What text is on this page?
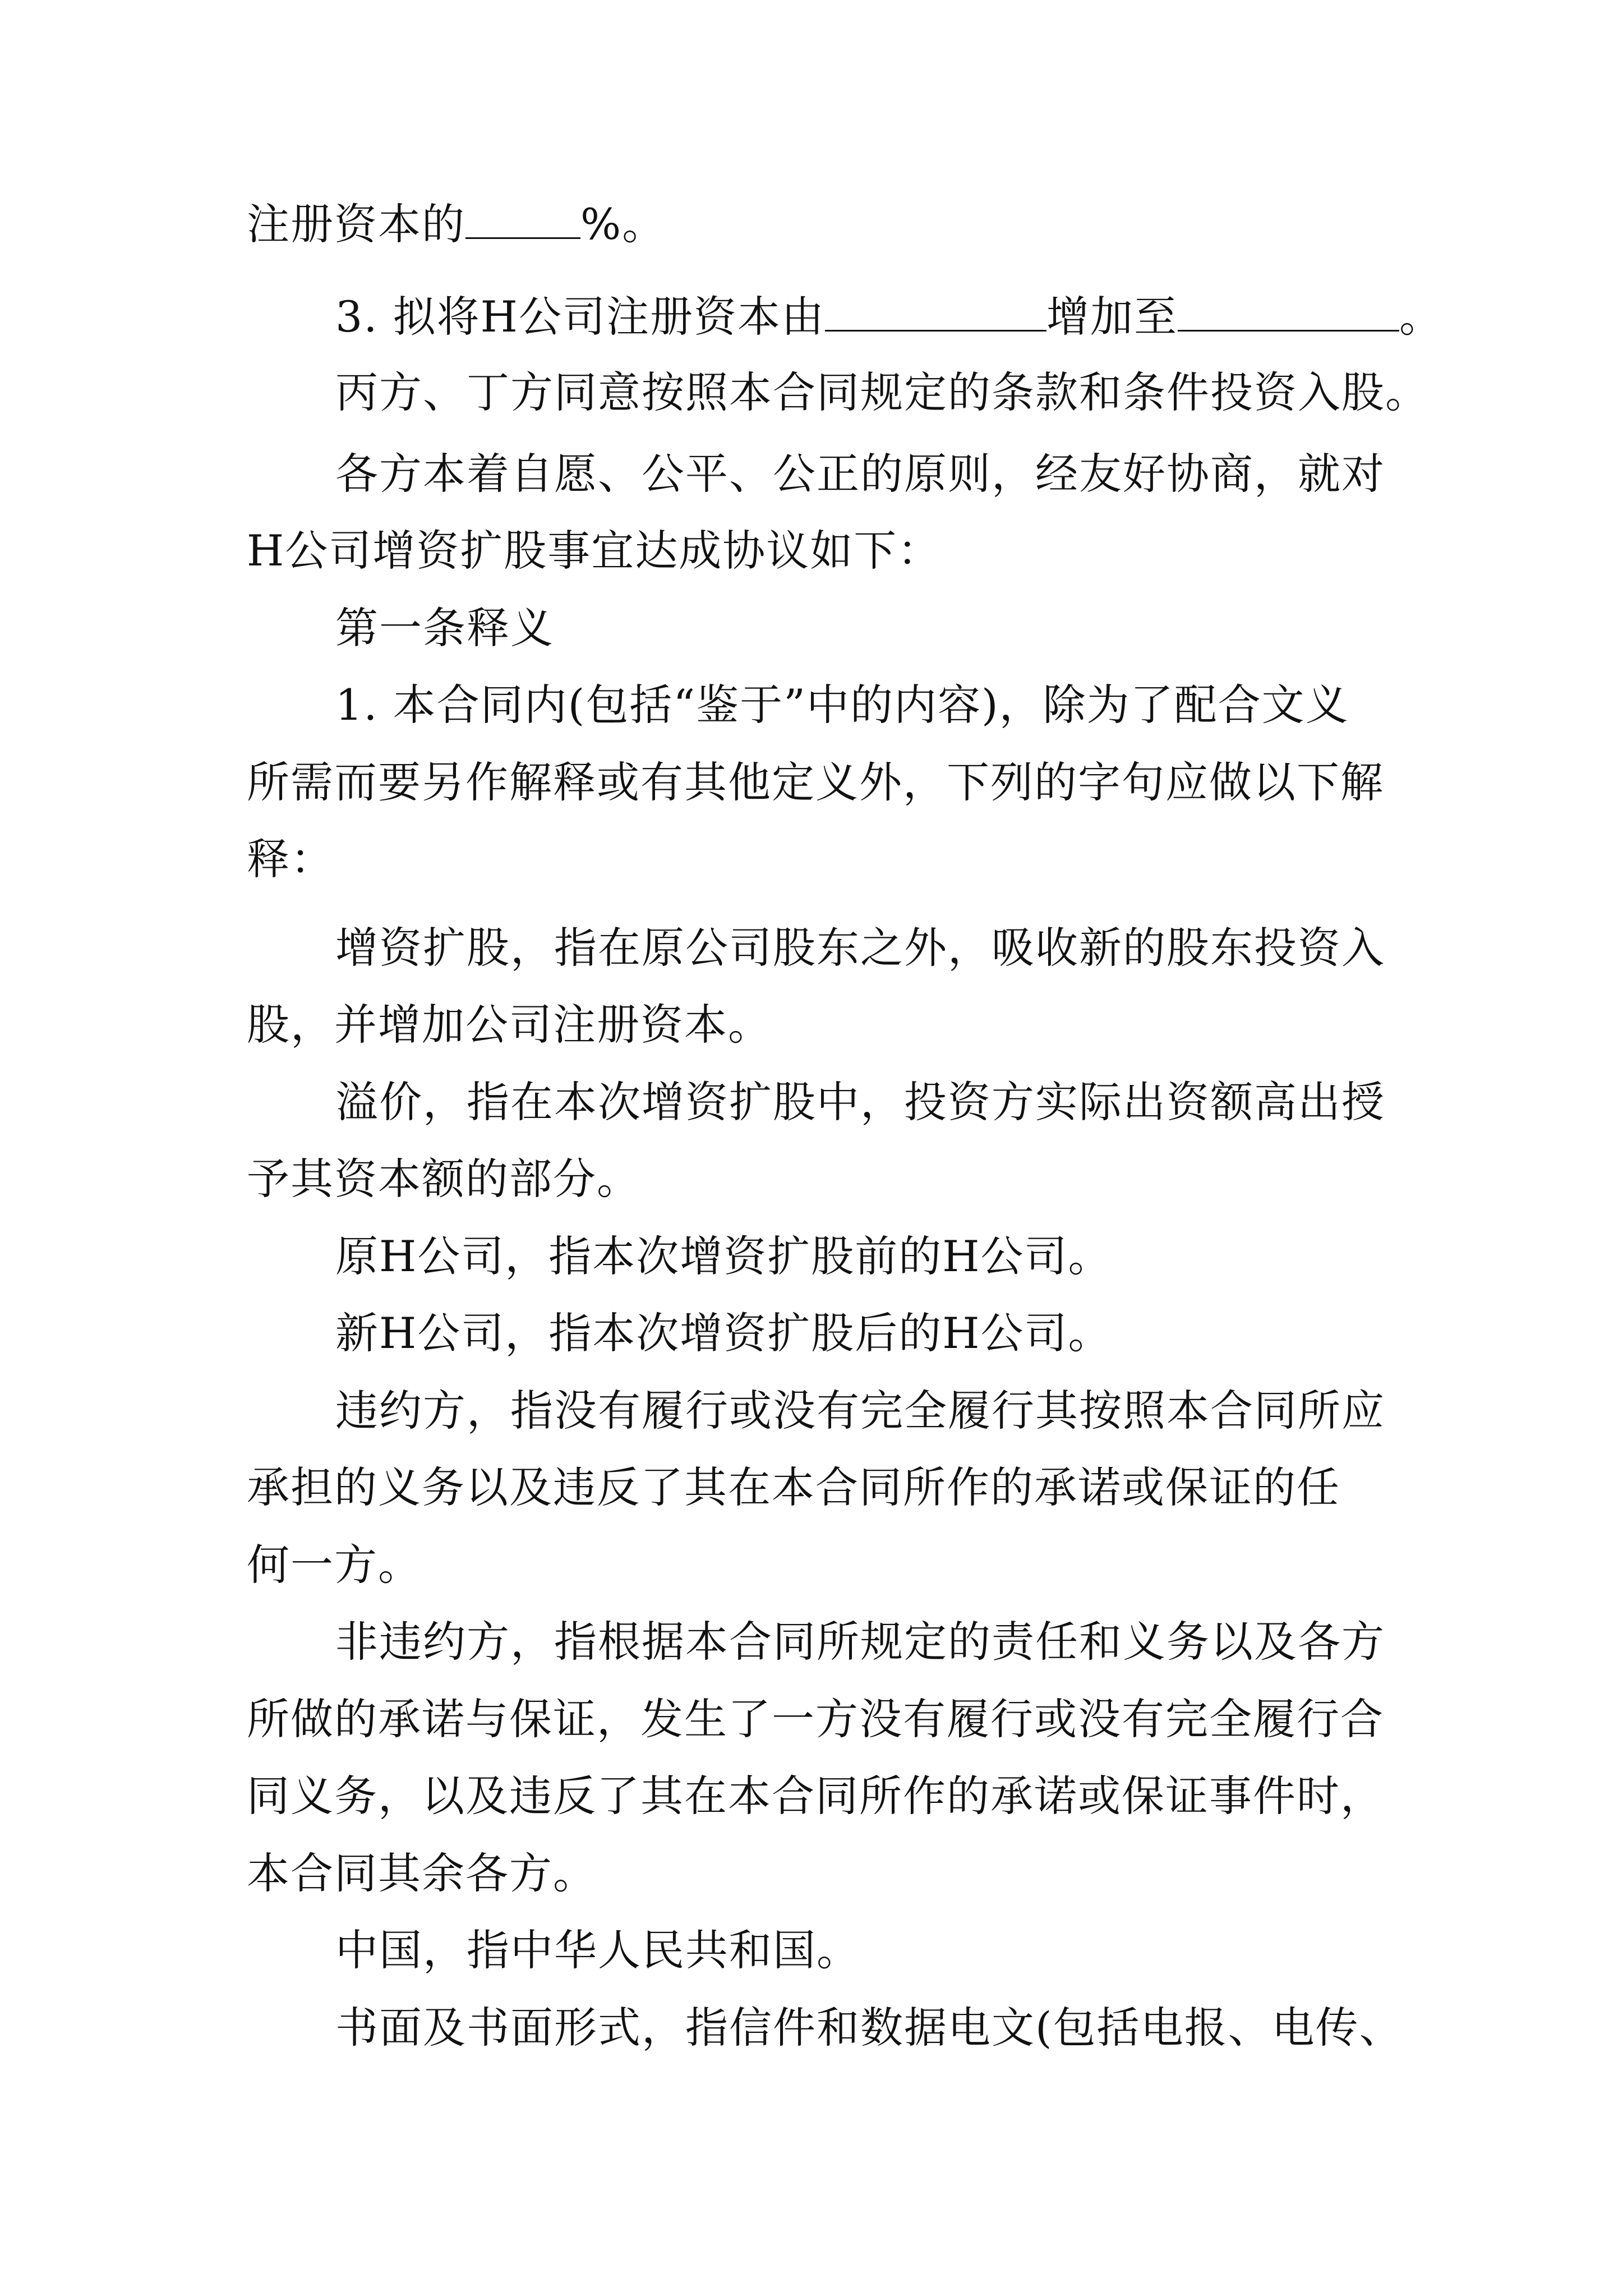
注册资本的	%。
3. 拟将H公司注册资本由	增加至	。
丙方、丁方同意按照本合同规定的条款和条件投资入股。
各方本着自愿、公平、公正的原则，经友好协商，就对
H公司增资扩股事宜达成协议如下：
第一条释义
1. 本合同内(包括“鉴于”中的内容)，除为了配合文义
所需而要另作解释或有其他定义外，下列的字句应做以下解
释：
增资扩股，指在原公司股东之外，吸收新的股东投资入
股，并增加公司注册资本。
溢价，指在本次增资扩股中，投资方实际出资额高出授
予其资本额的部分。
原H公司，指本次增资扩股前的H公司。
新H公司，指本次增资扩股后的H公司。
违约方，指没有履行或没有完全履行其按照本合同所应
承担的义务以及违反了其在本合同所作的承诺或保证的任
何一方。
非违约方，指根据本合同所规定的责任和义务以及各方
所做的承诺与保证，发生了一方没有履行或没有完全履行合
同义务，以及违反了其在本合同所作的承诺或保证事件时，
本合同其余各方。
中国，指中华人民共和国。
书面及书面形式，指信件和数据电文(包括电报、电传、
